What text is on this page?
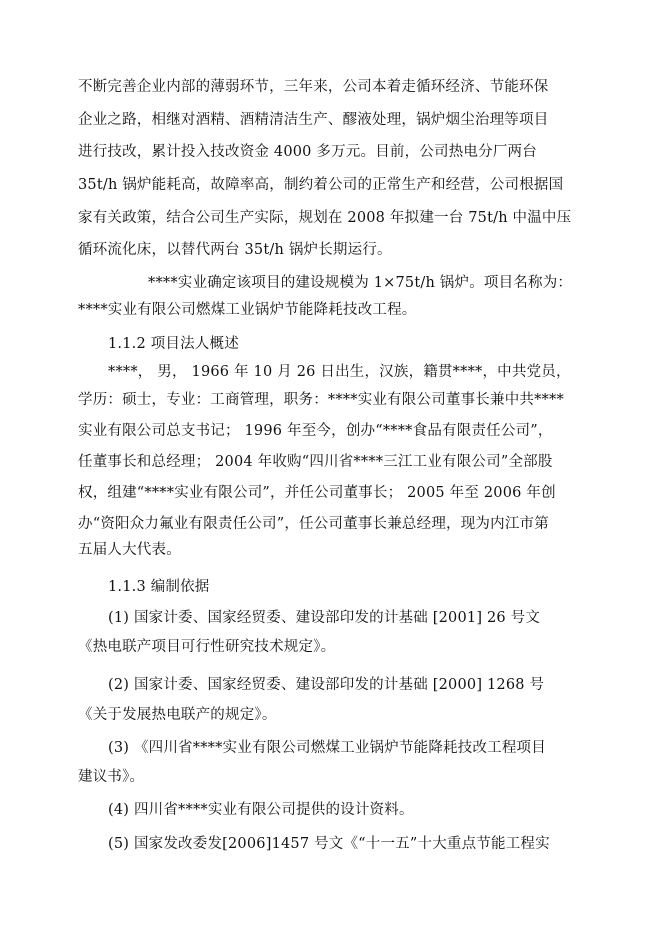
不断完善企业内部的薄弱环节，三年来，公司本着走循环经济、节能环保
企业之路，相继对酒精、酒精清洁生产、醪液处理，锅炉烟尘治理等项目
进行技改，累计投入技改资金 4000 多万元。目前，公司热电分厂两台
35t/h 锅炉能耗高，故障率高，制约着公司的正常生产和经营，公司根据国
家有关政策，结合公司生产实际，规划在 2008 年拟建一台 75t/h 中温中压
循环流化床，以替代两台 35t/h 锅炉长期运行。
****实业确定该项目的建设规模为 1×75t/h 锅炉。项目名称为：
****实业有限公司燃煤工业锅炉节能降耗技改工程。
1.1.2 项目法人概述
****， 男， 1966 年 10 月 26 日出生，汉族，籍贯****，中共党员，
学历：硕士，专业：工商管理，职务：****实业有限公司董事长兼中共****
实业有限公司总支书记； 1996 年至今，创办“****食品有限责任公司”，
任董事长和总经理； 2004 年收购“四川省****三江工业有限公司”全部股
权，组建“****实业有限公司”，并任公司董事长； 2005 年至 2006 年创
办“资阳众力氟业有限责任公司”，任公司董事长兼总经理，现为内江市第
五届人大代表。
1.1.3 编制依据
(1) 国家计委、国家经贸委、建设部印发的计基础 [2001] 26 号文
《热电联产项目可行性研究技术规定》。
(2) 国家计委、国家经贸委、建设部印发的计基础 [2000] 1268 号
《关于发展热电联产的规定》。
(3) 《四川省****实业有限公司燃煤工业锅炉节能降耗技改工程项目
建议书》。
(4) 四川省****实业有限公司提供的设计资料。
(5) 国家发改委发[2006]1457 号文《“十一五”十大重点节能工程实
